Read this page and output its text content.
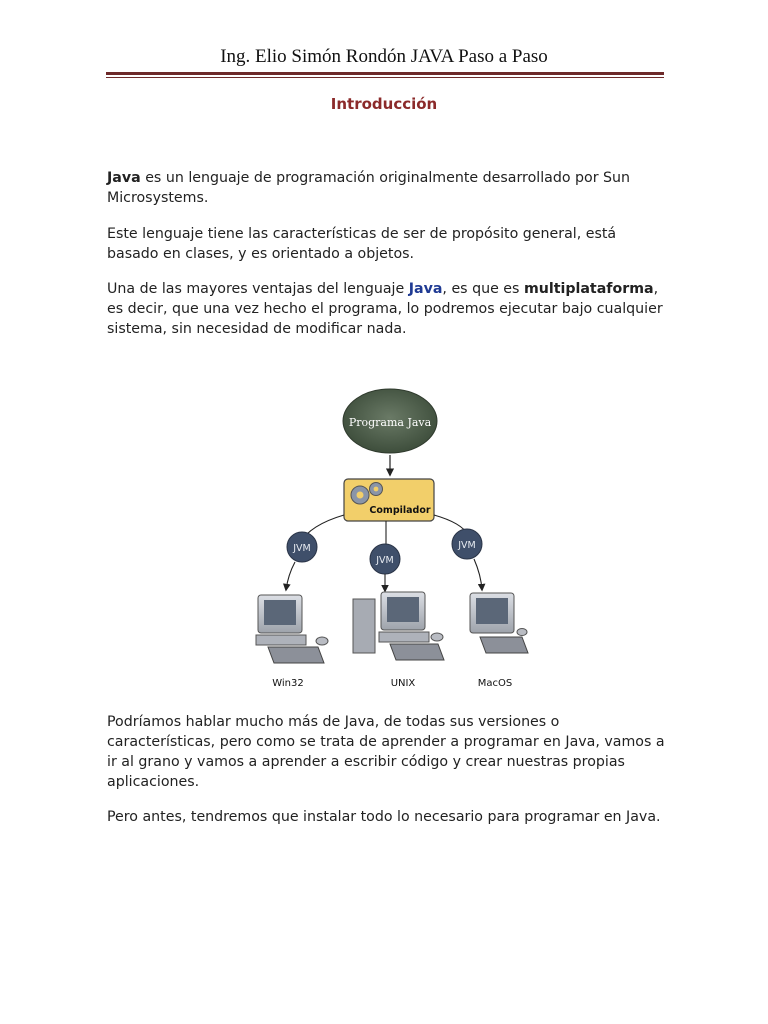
Ing. Elio Simón Rondón JAVA Paso a Paso
Introducción

Java es un lenguaje de programación originalmente desarrollado por Sun Microsystems.

Este lenguaje tiene las características de ser de propósito general, está basado en clases, y es orientado a objetos.

Una de las mayores ventajas del lenguaje Java, es que es multiplataforma, es decir, que una vez hecho el programa, lo podremos ejecutar bajo cualquier sistema, sin necesidad de modificar nada.

Programa Java
Compilador
JVM
JVM
JVM
Win32	UNIX	MacOS

Podríamos hablar mucho más de Java, de todas sus versiones o características, pero como se trata de aprender a programar en Java, vamos a ir al grano y vamos a aprender a escribir código y crear nuestras propias aplicaciones.

Pero antes, tendremos que instalar todo lo necesario para programar en Java.
